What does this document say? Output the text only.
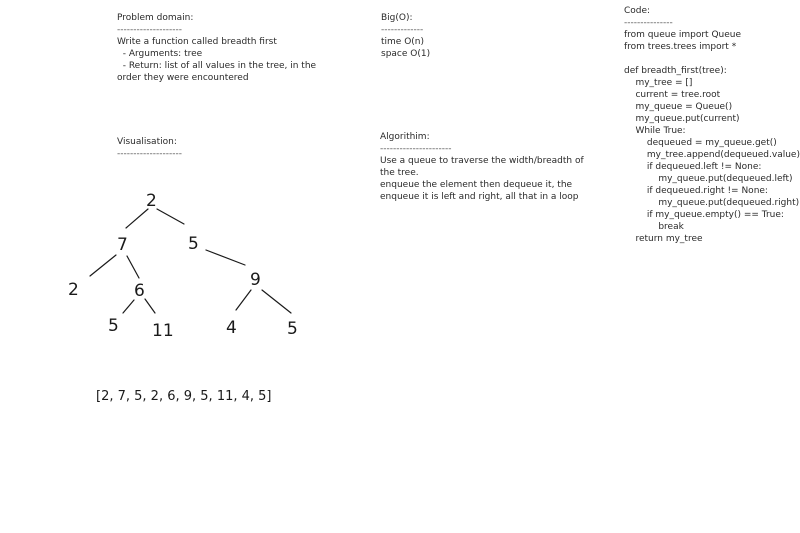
Problem domain:
--------------------
Write a function called breadth first
- Arguments: tree
- Return: list of all values in the tree, in the
order they were encountered
Big(O):
-------------
time O(n)
space O(1)
Code:
---------------
from queue import Queue
from trees.trees import *

def breadth_first(tree):
my_tree = []
current = tree.root
my_queue = Queue()
my_queue.put(current)
While True:
dequeued = my_queue.get()
my_tree.append(dequeued.value)
if dequeued.left != None:
my_queue.put(dequeued.left)
if dequeued.right != None:
my_queue.put(dequeued.right)
if my_queue.empty() == True:
break
return my_tree
Visualisation:
--------------------
Algorithim:
----------------------
Use a queue to traverse the width/breadth of
the tree.
enqueue the element then dequeue it, the
enqueue it is left and right, all that in a loop
2
7	5
2	6
9
5 11	4	5
[2, 7, 5, 2, 6, 9, 5, 11, 4, 5]
